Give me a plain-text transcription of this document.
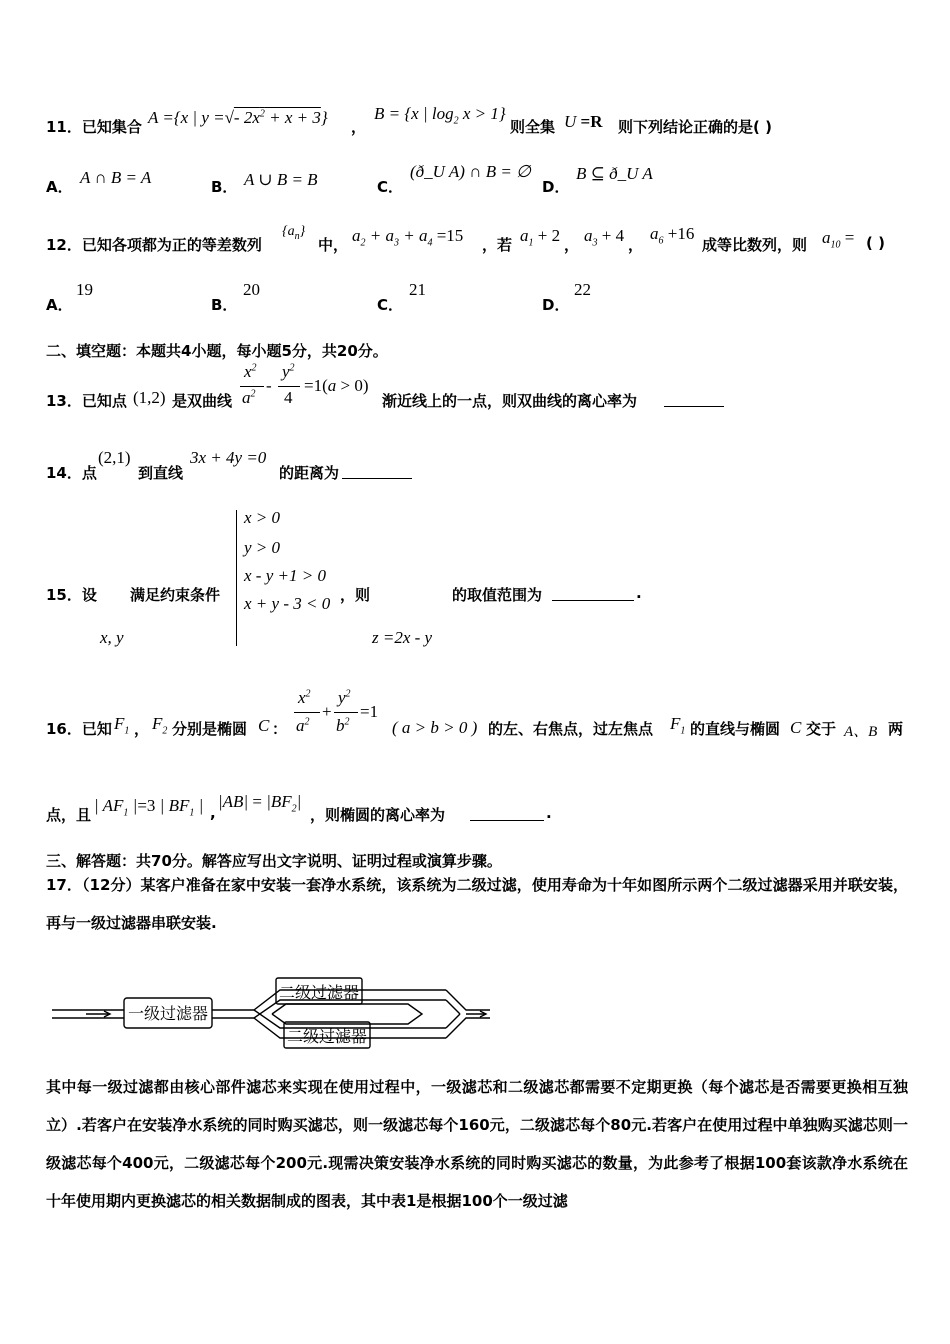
11．已知集合 A ={x | y =√- $2x^2 + x + 3$} ，
B = {x | $\log_2 x > 1$}
则全集 U =R 则下列结论正确的是( )
A． A ∩ B = A	B． A ∪ B = B	C．
(ð_U A) ∩ B = ∅
D．
B ⊆ ð_U A
12．已知各项都为正的等差数列
$\{a_n\}$
中， $a_2 + a_3 + a_4 =15$ ，若 $a_1 + 2$ ， $a_3 + 4$ ，
$a_6 +16$
成等比数列，则 $a_{10}$ = ( )
A．
19
B．
20
C．
21
D．
22
二、填空题：本题共4小题，每小题5分，共20分。
13．已知点 (1,2) 是双曲线
$x^2$
$a^2$ -
$y^2$
4
=1(a > 0)
渐近线上的一点，则双曲线的离心率为
14．点
(2,1)
到直线
3x + 4y =0
的距离为
15．设 满足约束条件
x, y
x > 0
y > 0
x - y +1 > 0
x + y - 3 < 0 ，则
z =2x - y
的取值范围为	.
16．已知 $F_1$ ， $F_2$ 分别是椭圆 C ：
$x^2$
$a^2$
+
$y^2$
$b^2$
=1
( a > b > 0 ) 的左、右焦点，过左焦点 $F_1$ 的直线与椭圆 C 交于 A、B 两
点，且 | $AF_1$ |=3 | $BF_1$ | ,
$|AB| = |BF_2|$
，则椭圆的离心率为	.
三、解答题：共70分。解答应写出文字说明、证明过程或演算步骤。
17．（12分）某客户准备在家中安装一套净水系统，该系统为二级过滤，使用寿命为十年如图所示两个二级过滤器采用并联安装，再与一级过滤器串联安装.
一级过滤器
二级过滤器
二级过滤器
其中每一级过滤都由核心部件滤芯来实现在使用过程中，一级滤芯和二级滤芯都需要不定期更换（每个滤芯是否需要更换相互独立）.若客户在安装净水系统的同时购买滤芯，则一级滤芯每个160元，二级滤芯每个80元.若客户在使用过程中单独购买滤芯则一级滤芯每个400元，二级滤芯每个200元.现需决策安装净水系统的同时购买滤芯的数量，为此参考了根据100套该款净水系统在十年使用期内更换滤芯的相关数据制成的图表，其中表1是根据100个一级过滤
